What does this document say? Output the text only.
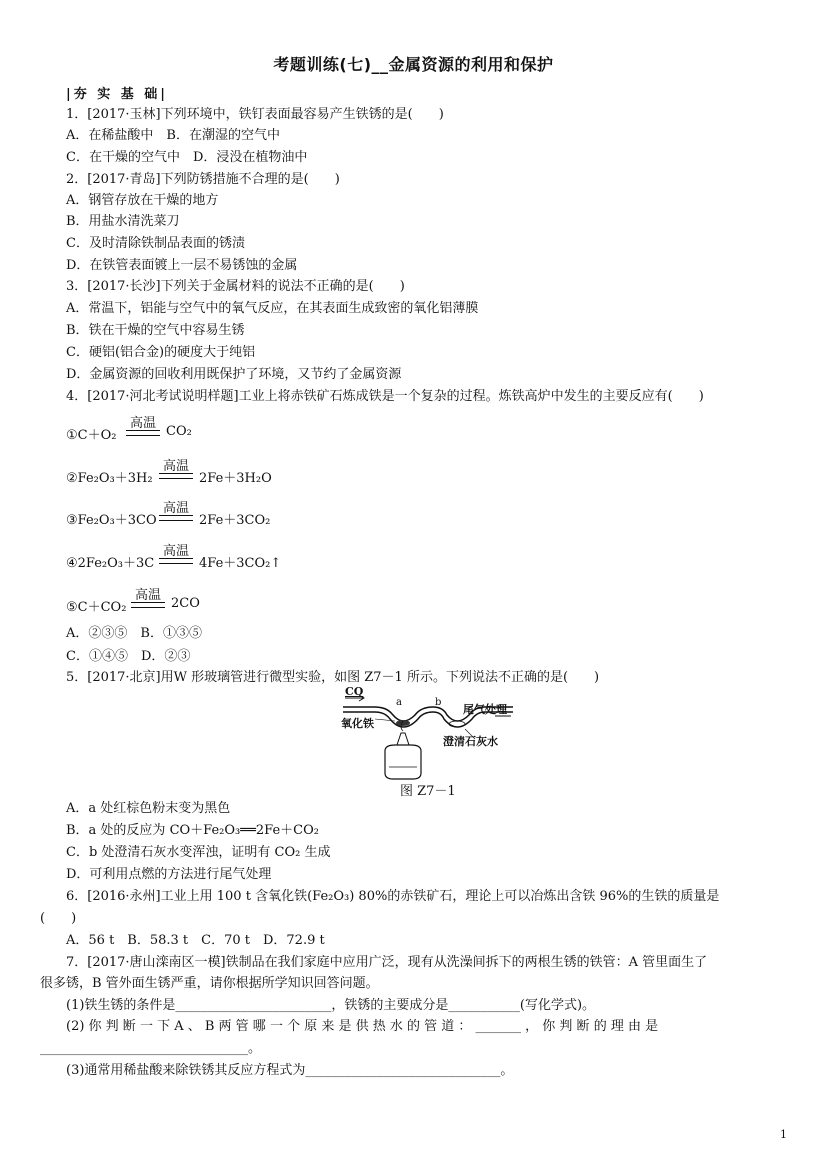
考题训练(七)__金属资源的利用和保护
|夯 实 基 础|
1．[2017·玉林]下列环境中，铁钉表面最容易产生铁锈的是(　　)
A．在稀盐酸中　B．在潮湿的空气中
C．在干燥的空气中　D．浸没在植物油中
2．[2017·青岛]下列防锈措施不合理的是(　　)
A．钢管存放在干燥的地方
B．用盐水清洗菜刀
C．及时清除铁制品表面的锈渍
D．在铁管表面镀上一层不易锈蚀的金属
3．[2017·长沙]下列关于金属材料的说法不正确的是(　　)
A．常温下，铝能与空气中的氧气反应，在其表面生成致密的氧化铝薄膜
B．铁在干燥的空气中容易生锈
C．硬铝(铝合金)的硬度大于纯铝
D．金属资源的回收利用既保护了环境，又节约了金属资源
4．[2017·河北考试说明样题]工业上将赤铁矿石炼成铁是一个复杂的过程。炼铁高炉中发生的主要反应有(　　)
①C＋O₂
高温
CO₂
②Fe₂O₃＋3H₂
高温
2Fe＋3H₂O
③Fe₂O₃＋3CO
高温
2Fe＋3CO₂
④2Fe₂O₃＋3C
高温
4Fe＋3CO₂↑
⑤C＋CO₂
高温
2CO
A．②③⑤　B．①③⑤
C．①④⑤　D．②③
5．[2017·北京]用W 形玻璃管进行微型实验，如图 Z7－1 所示。下列说法不正确的是(　　)
CO
a	b
氧化铁
尾气处理
澄清石灰水
图 Z7－1
A．a 处红棕色粉末变为黑色
B．a 处的反应为 CO＋Fe₂O₃══2Fe＋CO₂
C．b 处澄清石灰水变浑浊，证明有 CO₂ 生成
D．可利用点燃的方法进行尾气处理
6．[2016·永州]工业上用 100 t 含氧化铁(Fe₂O₃) 80%的赤铁矿石，理论上可以冶炼出含铁 96%的生铁的质量是
(　　)
A．56 t　B．58.3 t　C．70 t　D．72.9 t
7．[2017·唐山滦南区一模]铁制品在我们家庭中应用广泛，现有从洗澡间拆下的两根生锈的铁管：A 管里面生了
很多锈，B 管外面生锈严重，请你根据所学知识回答问题。
(1)铁生锈的条件是________________________，铁锈的主要成分是___________(写化学式)。
(2) 你 判 断 一 下 A 、 B 两 管 哪 一 个 原 来 是 供 热 水 的 管 道 ： _______ ， 你 判 断 的 理 由 是
________________________________。
(3)通常用稀盐酸来除铁锈其反应方程式为______________________________。
1
